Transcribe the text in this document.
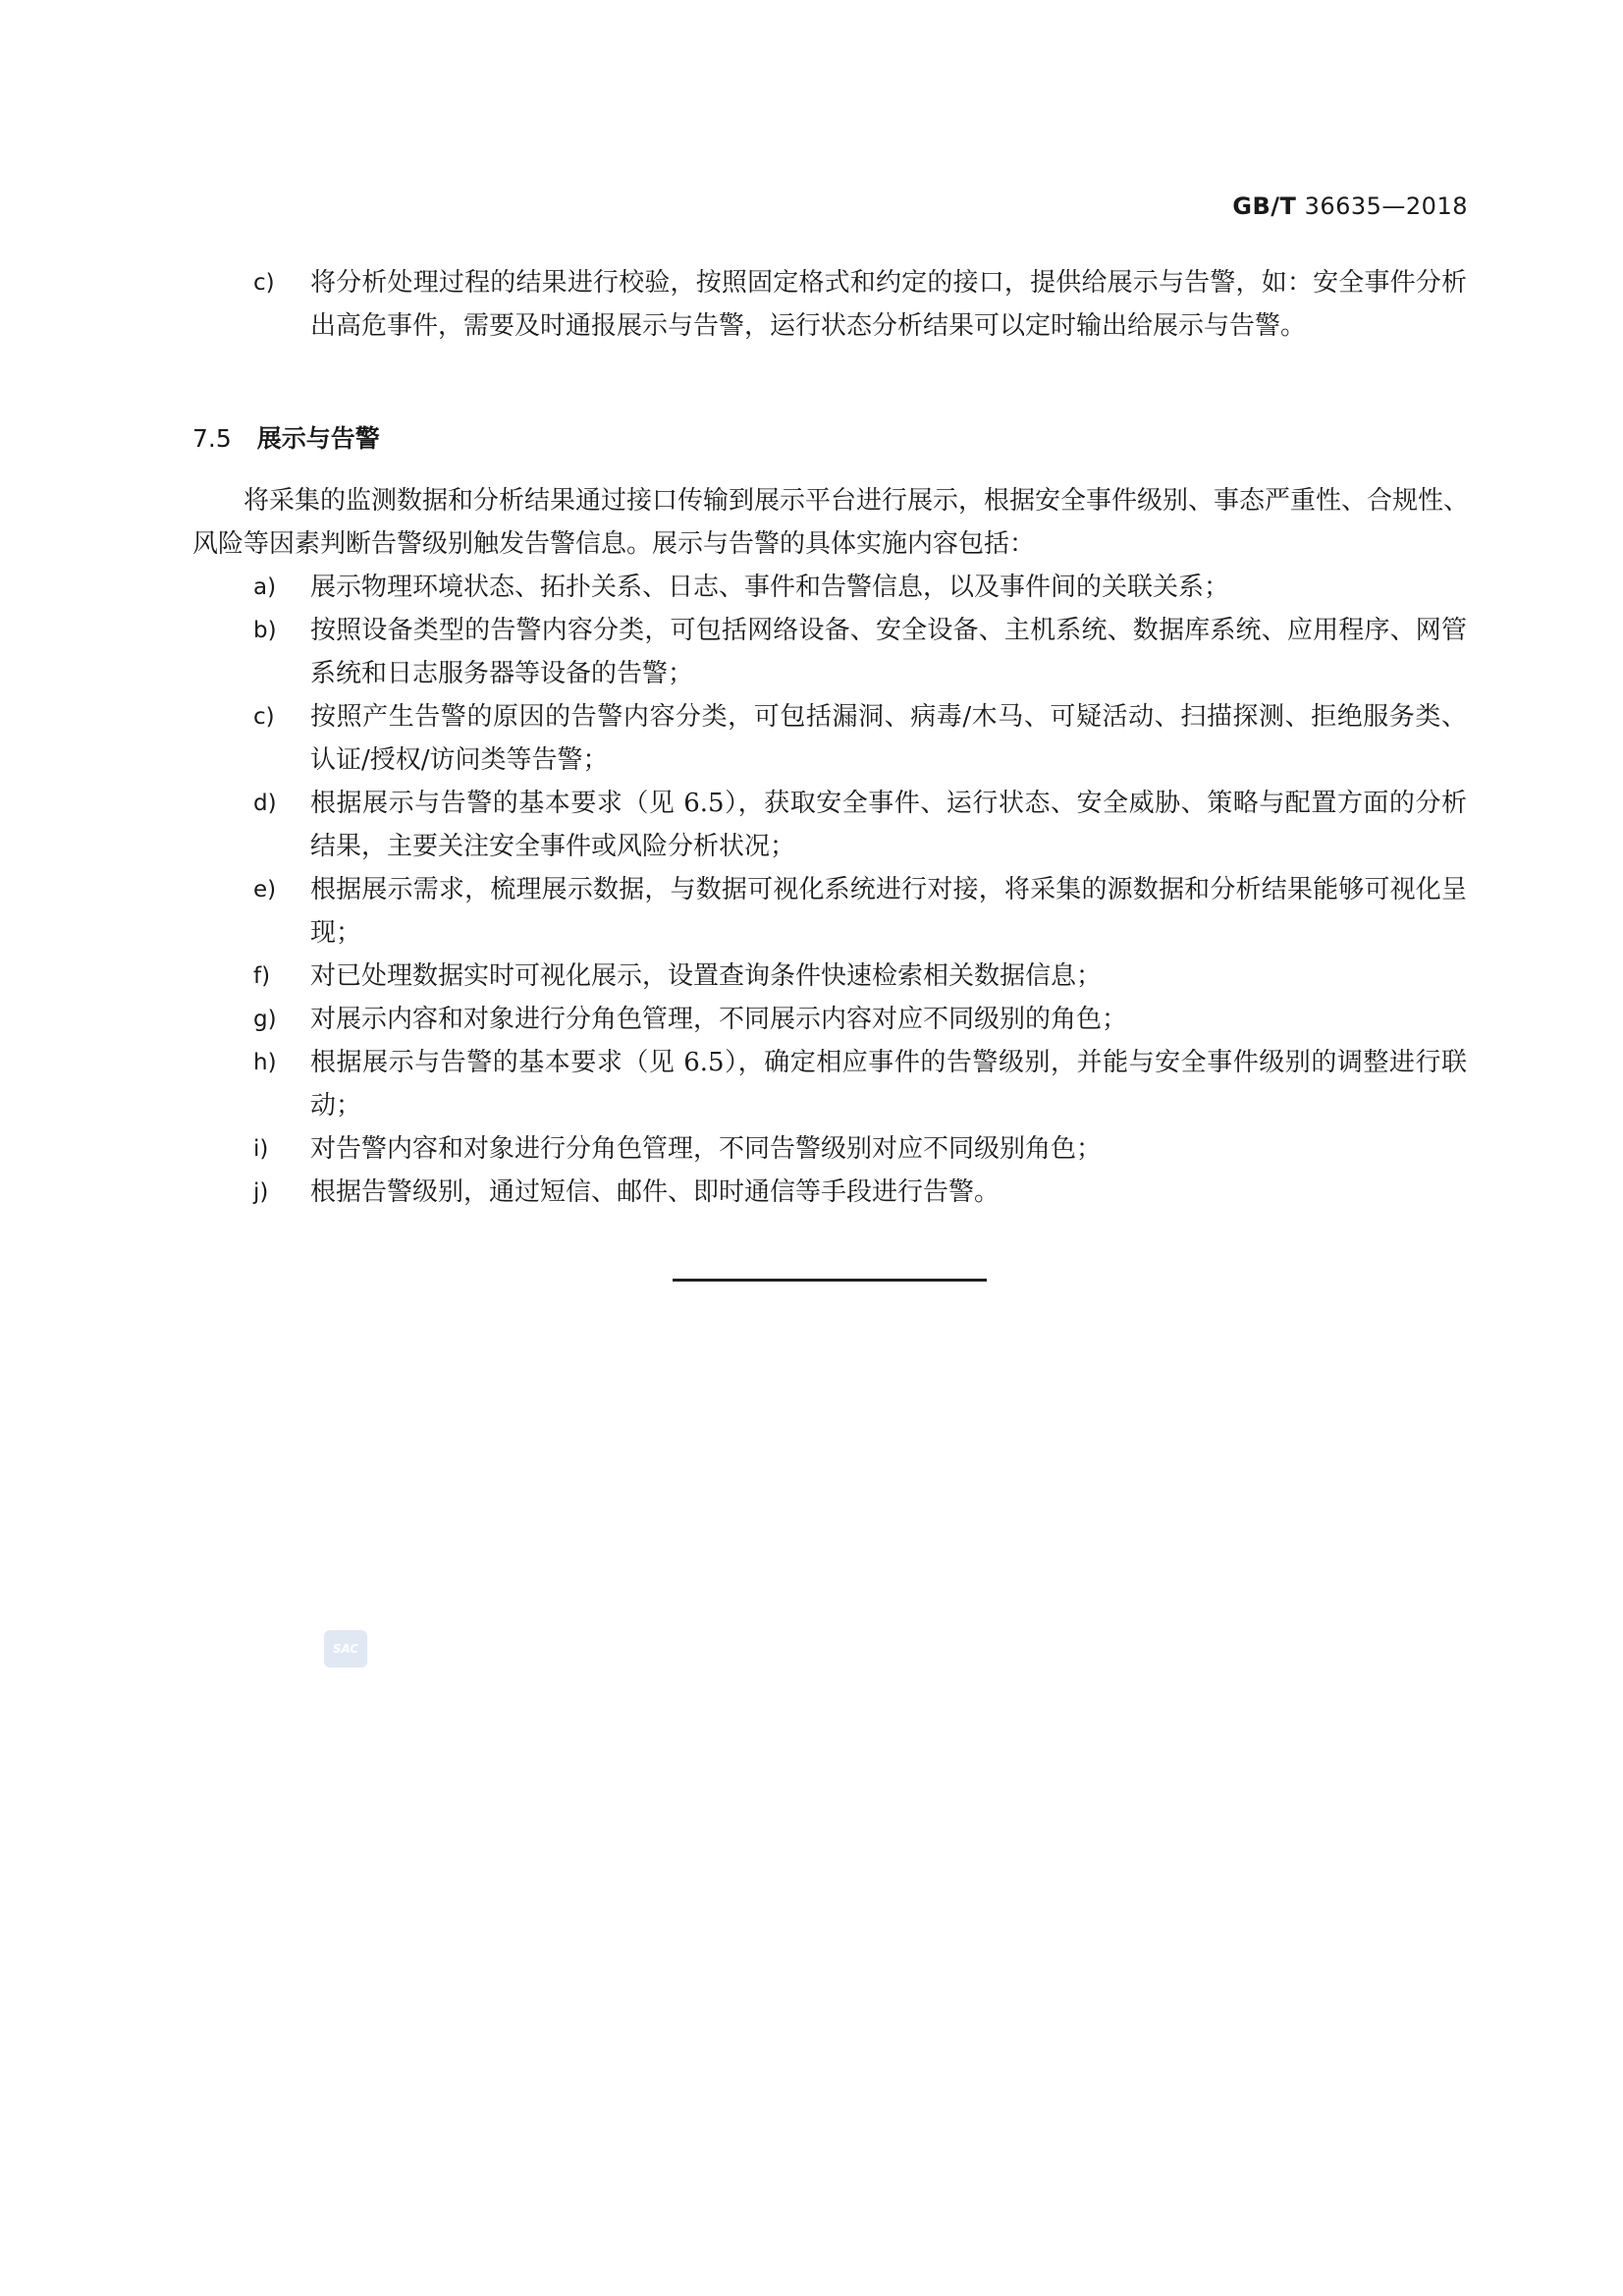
GB/T 36635—2018
c) 将分析处理过程的结果进行校验，按照固定格式和约定的接口，提供给展示与告警，如：安全事件分析出高危事件，需要及时通报展示与告警，运行状态分析结果可以定时输出给展示与告警。
7.5 展示与告警
将采集的监测数据和分析结果通过接口传输到展示平台进行展示，根据安全事件级别、事态严重性、合规性、风险等因素判断告警级别触发告警信息。展示与告警的具体实施内容包括：
a) 展示物理环境状态、拓扑关系、日志、事件和告警信息，以及事件间的关联关系；
b) 按照设备类型的告警内容分类，可包括网络设备、安全设备、主机系统、数据库系统、应用程序、网管系统和日志服务器等设备的告警；
c) 按照产生告警的原因的告警内容分类，可包括漏洞、病毒/木马、可疑活动、扫描探测、拒绝服务类、认证/授权/访问类等告警；
d) 根据展示与告警的基本要求（见 6.5），获取安全事件、运行状态、安全威胁、策略与配置方面的分析结果，主要关注安全事件或风险分析状况；
e) 根据展示需求，梳理展示数据，与数据可视化系统进行对接，将采集的源数据和分析结果能够可视化呈现；
f) 对已处理数据实时可视化展示，设置查询条件快速检索相关数据信息；
g) 对展示内容和对象进行分角色管理，不同展示内容对应不同级别的角色；
h) 根据展示与告警的基本要求（见 6.5），确定相应事件的告警级别，并能与安全事件级别的调整进行联动；
i) 对告警内容和对象进行分角色管理，不同告警级别对应不同级别角色；
j) 根据告警级别，通过短信、邮件、即时通信等手段进行告警。
SAC
